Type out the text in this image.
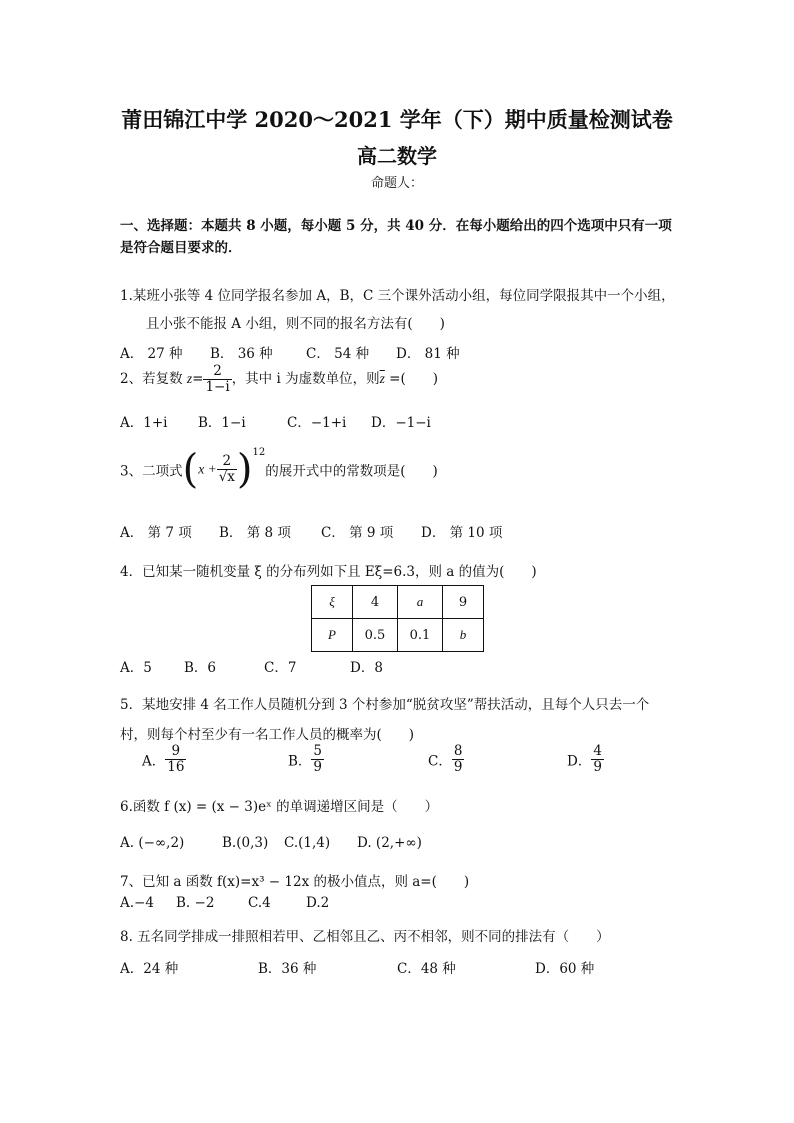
莆田锦江中学 2020～2021 学年（下）期中质量检测试卷
高二数学
命题人：
一、选择题：本题共 8 小题，每小题 5 分，共 40 分．在每小题给出的四个选项中只有一项
是符合题目要求的．
1.某班小张等 4 位同学报名参加 A，B，C 三个课外活动小组，每位同学限报其中一个小组，
且小张不能报 A 小组，则不同的报名方法有(　　)
A． 27 种 B． 36 种 C． 54 种 D． 81 种
2、若复数 $z= \frac{2}{1-i}$ ，其中 i 为虚数单位，则$\overline{z}$ =(　　)
A．1+i B．1−i	C．−1+i D．−1−i
3、二项式$(x + \frac{2}{√x} )^{12}$的展开式中的常数项是(　　)
A． 第 7 项 B． 第 8 项 C． 第 9 项 D． 第 10 项
4．已知某一随机变量 ξ 的分布列如下且 Eξ=6.3，则 a 的值为(　　)
ξ	4	a	9
P	0.5	0.1	b
A．5 B．6	C．7	D．8
5．某地安排 4 名工作人员随机分到 3 个村参加“脱贫攻坚”帮扶活动，且每个人只去一个
村，则每个村至少有一名工作人员的概率为(　　)
A． $\frac{9}{16}$	B． $\frac{5}{9}$	C． $\frac{8}{9}$	D． $\frac{4}{9}$
6.函数 f (x) = (x − 3)eˣ 的单调递增区间是（　　）
A. (−∞,2)	B.(0,3) C.(1,4) D. (2,+∞)
7、已知 a 函数 f(x)=x³ − 12x 的极小值点，则 a=(　　)
A.−4 B. −2 C.4	D.2
8. 五名同学排成一排照相若甲、乙相邻且乙、丙不相邻，则不同的排法有（　　）
A．24 种	B．36 种	C．48 种	D．60 种
